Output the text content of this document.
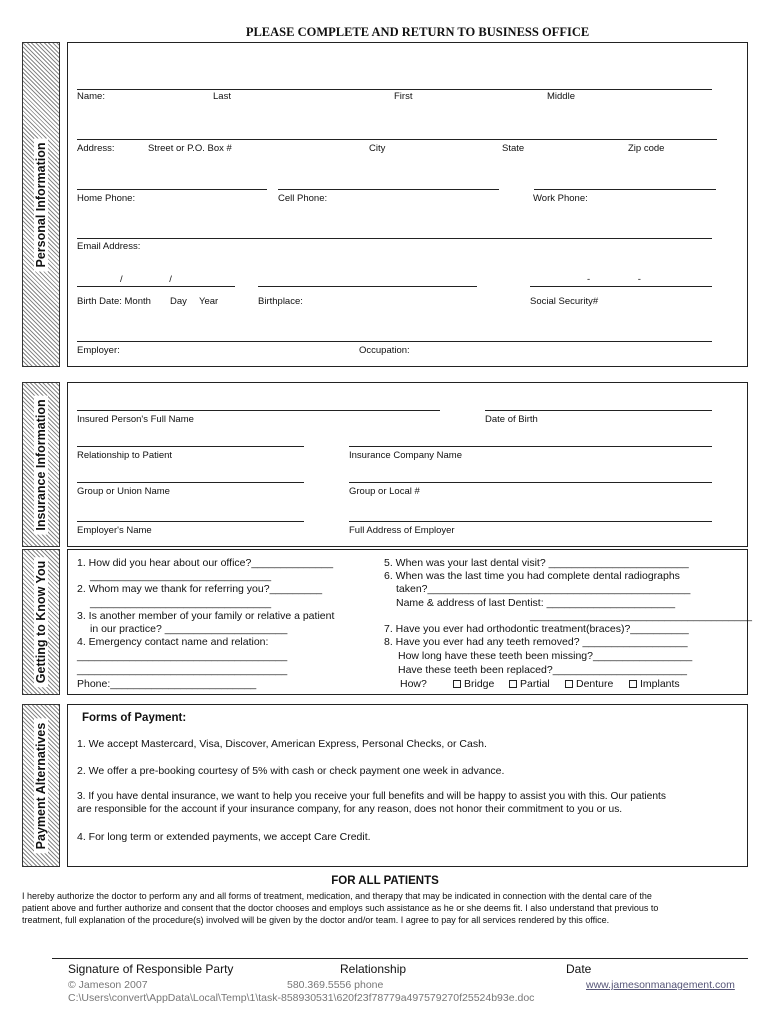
PLEASE COMPLETE AND RETURN TO BUSINESS OFFICE
Personal Information
Name:	Last	First	Middle
Address:	Street or P.O. Box #	City	State	Zip code
Home Phone:	Cell Phone:	Work Phone:
Email Address:
/ /	- -
Birth Date: Month Day Year	Birthplace:	Social Security#
Employer:	Occupation:
Insurance Information	Insured Person's Full Name	Date of Birth
Relationship to Patient	Insurance Company Name
Group or Union Name	Group or Local #
Employer's Name	Full Address of Employer
Getting to Know You	1. How did you hear about our office?______________
_______________________________
2. Whom may we thank for referring you?_________
_______________________________
3. Is another member of your family or relative a patient
in our practice? _____________________
4. Emergency contact name and relation:
____________________________________
____________________________________
Phone:_________________________
5. When was your last dental visit? ________________________
6. When was the last time you had complete dental radiographs
taken?_____________________________________________
Name & address of last Dentist: ______________________
______________________________________
7. Have you ever had orthodontic treatment(braces)?__________
8. Have you ever had any teeth removed? __________________
How long have these teeth been missing?_________________
Have these teeth been replaced?_______________________
How?	Bridge	Partial	Denture	Implants
Payment Alternatives
Forms of Payment:
1. We accept Mastercard, Visa, Discover, American Express, Personal Checks, or Cash.
2. We offer a pre-booking courtesy of 5% with cash or check payment one week in advance.
3. If you have dental insurance, we want to help you receive your full benefits and will be happy to assist you with this. Our patients
are responsible for the account if your insurance company, for any reason, does not honor their commitment to you or us.
4. For long term or extended payments, we accept Care Credit.
FOR ALL PATIENTS
I hereby authorize the doctor to perform any and all forms of treatment, medication, and therapy that may be indicated in connection with the dental care of the
patient above and further authorize and consent that the doctor chooses and employs such assistance as he or she deems fit. I also understand that previous to
treatment, full explanation of the procedure(s) involved will be given by the doctor and/or team. I agree to pay for all services rendered by this office.
Signature of Responsible Party	Relationship	Date
© Jameson 2007	580.369.5556 phone	www.jamesonmanagement.com
C:\Users\convert\AppData\Local\Temp\1\task-858930531\620f23f78779a497579270f25524b93e.doc
